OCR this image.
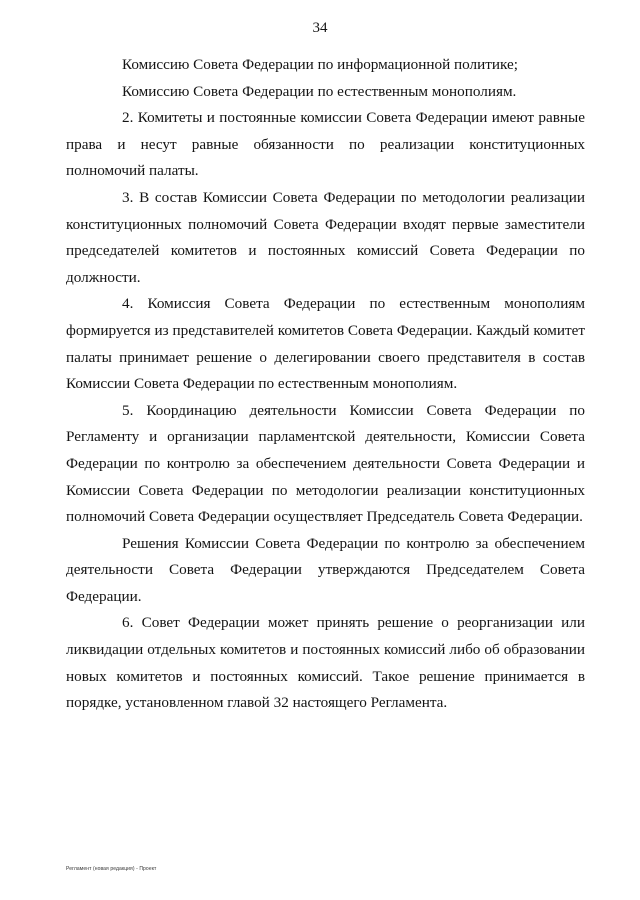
34

Комиссию Совета Федерации по информационной политике;

Комиссию Совета Федерации по естественным монополиям.

2. Комитеты и постоянные комиссии Совета Федерации имеют равные права и несут равные обязанности по реализации конституционных полномочий палаты.

3. В состав Комиссии Совета Федерации по методологии реализации конституционных полномочий Совета Федерации входят первые заместители председателей комитетов и постоянных комиссий Совета Федерации по должности.

4. Комиссия Совета Федерации по естественным монополиям формируется из представителей комитетов Совета Федерации. Каждый комитет палаты принимает решение о делегировании своего представителя в состав Комиссии Совета Федерации по естественным монополиям.

5. Координацию деятельности Комиссии Совета Федерации по Регламенту и организации парламентской деятельности, Комиссии Совета Федерации по контролю за обеспечением деятельности Совета Федерации и Комиссии Совета Федерации по методологии реализации конституционных полномочий Совета Федерации осуществляет Председатель Совета Федерации.

Решения Комиссии Совета Федерации по контролю за обеспечением деятельности Совета Федерации утверждаются Председателем Совета Федерации.

6. Совет Федерации может принять решение о реорганизации или ликвидации отдельных комитетов и постоянных комиссий либо об образовании новых комитетов и постоянных комиссий. Такое решение принимается в порядке, установленном главой 32 настоящего Регламента.

Регламент (новая редакция) - Проект
